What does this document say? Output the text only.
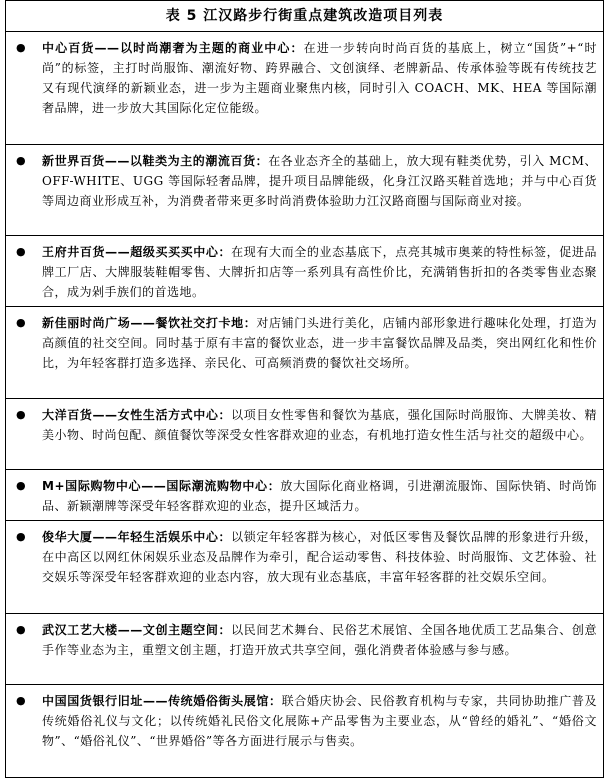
表 5 江汉路步行街重点建筑改造项目列表
●	中心百货——以时尚潮奢为主题的商业中心：在进一步转向时尚百货的基底上，树立“国货”+“时尚”的标签，主打时尚服饰、潮流好物、跨界融合、文创演绎、老牌新品、传承体验等既有传统技艺又有现代演绎的新颖业态，进一步为主题商业聚焦内核，同时引入 COACH、MK、HEA 等国际潮奢品牌，进一步放大其国际化定位能级。
●	新世界百货——以鞋类为主的潮流百货：在各业态齐全的基础上，放大现有鞋类优势，引入 MCM、OFF-WHITE、UGG 等国际轻奢品牌，提升项目品牌能级，化身江汉路买鞋首选地；并与中心百货等周边商业形成互补，为消费者带来更多时尚消费体验助力江汉路商圈与国际商业对接。
●	王府井百货——超级买买买中心：在现有大而全的业态基底下，点亮其城市奥莱的特性标签，促进品牌工厂店、大牌服装鞋帽零售、大牌折扣店等一系列具有高性价比，充满销售折扣的各类零售业态聚合，成为剁手族们的首选地。
●	新佳丽时尚广场——餐饮社交打卡地：对店铺门头进行美化，店铺内部形象进行趣味化处理，打造为高颜值的社交空间。同时基于原有丰富的餐饮业态，进一步丰富餐饮品牌及品类，突出网红化和性价比，为年轻客群打造多选择、亲民化、可高频消费的餐饮社交场所。
●	大洋百货——女性生活方式中心：以项目女性零售和餐饮为基底，强化国际时尚服饰、大牌美妆、精美小物、时尚包配、颜值餐饮等深受女性客群欢迎的业态，有机地打造女性生活与社交的超级中心。
●	M+国际购物中心——国际潮流购物中心：放大国际化商业格调，引进潮流服饰、国际快销、时尚饰品、新颖潮牌等深受年轻客群欢迎的业态，提升区域活力。
●	俊华大厦——年轻生活娱乐中心：以锁定年轻客群为核心，对低区零售及餐饮品牌的形象进行升级，在中高区以网红休闲娱乐业态及品牌作为牵引，配合运动零售、科技体验、时尚服饰、文艺体验、社交娱乐等深受年轻客群欢迎的业态内容，放大现有业态基底，丰富年轻客群的社交娱乐空间。
●	武汉工艺大楼——文创主题空间：以民间艺术舞台、民俗艺术展馆、全国各地优质工艺品集合、创意手作等业态为主，重塑文创主题，打造开放式共享空间，强化消费者体验感与参与感。
●	中国国货银行旧址——传统婚俗街头展馆：联合婚庆协会、民俗教育机构与专家，共同协助推广普及传统婚俗礼仪与文化；以传统婚礼民俗文化展陈+产品零售为主要业态，从“曾经的婚礼”、“婚俗文物”、“婚俗礼仪”、“世界婚俗”等各方面进行展示与售卖。
